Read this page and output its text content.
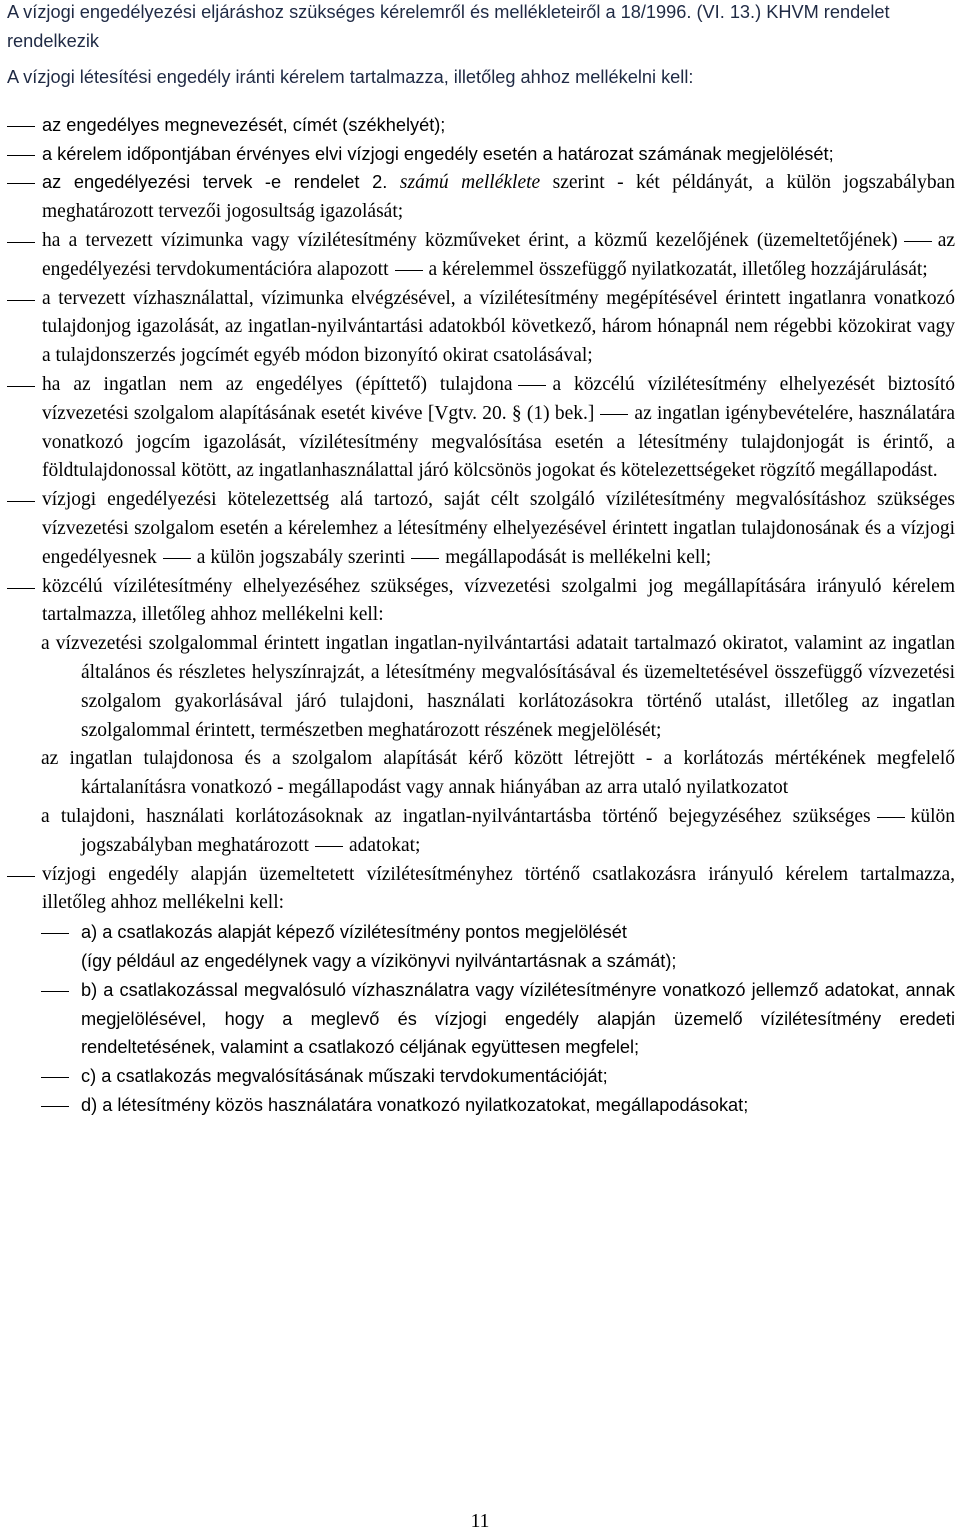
A vízjogi engedélyezési eljáráshoz szükséges kérelemről és mellékleteiről a 18/1996. (VI. 13.) KHVM rendelet rendelkezik

A vízjogi létesítési engedély iránti kérelem tartalmazza, illetőleg ahhoz mellékelni kell:

az engedélyes megnevezését, címét (székhelyét);
a kérelem időpontjában érvényes elvi vízjogi engedély esetén a határozat számának megjelölését;
az engedélyezési tervek -e rendelet 2. számú melléklete szerint - két példányát, a külön jogszabályban meghatározott tervezői jogosultság igazolását;
ha a tervezett vízimunka vagy vízilétesítmény közműveket érint, a közmű kezelőjének (üzemeltetőjének) az engedélyezési tervdokumentációra alapozott a kérelemmel összefüggő nyilatkozatát, illetőleg hozzájárulását;
a tervezett vízhasználattal, vízimunka elvégzésével, a vízilétesítmény megépítésével érintett ingatlanra vonatkozó tulajdonjog igazolását, az ingatlan-nyilvántartási adatokból következő, három hónapnál nem régebbi közokirat vagy a tulajdonszerzés jogcímét egyéb módon bizonyító okirat csatolásával;
ha az ingatlan nem az engedélyes (építtető) tulajdona a közcélú vízilétesítmény elhelyezését biztosító vízvezetési szolgalom alapításának esetét kivéve [Vgtv. 20. § (1) bek.] az ingatlan igénybevételére, használatára vonatkozó jogcím igazolását, vízilétesítmény megvalósítása esetén a létesítmény tulajdonjogát is érintő, a földtulajdonossal kötött, az ingatlanhasználattal járó kölcsönös jogokat és kötelezettségeket rögzítő megállapodást.
vízjogi engedélyezési kötelezettség alá tartozó, saját célt szolgáló vízilétesítmény megvalósításhoz szükséges vízvezetési szolgalom esetén a kérelemhez a létesítmény elhelyezésével érintett ingatlan tulajdonosának és a vízjogi engedélyesnek a külön jogszabály szerinti megállapodását is mellékelni kell;
közcélú vízilétesítmény elhelyezéséhez szükséges, vízvezetési szolgalmi jog megállapítására irányuló kérelem tartalmazza, illetőleg ahhoz mellékelni kell:
a vízvezetési szolgalommal érintett ingatlan ingatlan-nyilvántartási adatait tartalmazó okiratot, valamint az ingatlan általános és részletes helyszínrajzát, a létesítmény megvalósításával és üzemeltetésével összefüggő vízvezetési szolgalom gyakorlásával járó tulajdoni, használati korlátozásokra történő utalást, illetőleg az ingatlan szolgalommal érintett, természetben meghatározott részének megjelölését;
az ingatlan tulajdonosa és a szolgalom alapítását kérő között létrejött - a korlátozás mértékének megfelelő kártalanításra vonatkozó - megállapodást vagy annak hiányában az arra utaló nyilatkozatot
a tulajdoni, használati korlátozásoknak az ingatlan-nyilvántartásba történő bejegyzéséhez szükséges külön jogszabályban meghatározott adatokat;
vízjogi engedély alapján üzemeltetett vízilétesítményhez történő csatlakozásra irányuló kérelem tartalmazza, illetőleg ahhoz mellékelni kell:
a) a csatlakozás alapját képező vízilétesítmény pontos megjelölését
(így például az engedélynek vagy a vízikönyvi nyilvántartásnak a számát);
b) a csatlakozással megvalósuló vízhasználatra vagy vízilétesítményre vonatkozó jellemző adatokat, annak megjelölésével, hogy a meglevő és vízjogi engedély alapján üzemelő vízilétesítmény eredeti rendeltetésének, valamint a csatlakozó céljának együttesen megfelel;
c) a csatlakozás megvalósításának műszaki tervdokumentációját;
d) a létesítmény közös használatára vonatkozó nyilatkozatokat, megállapodásokat;
11
